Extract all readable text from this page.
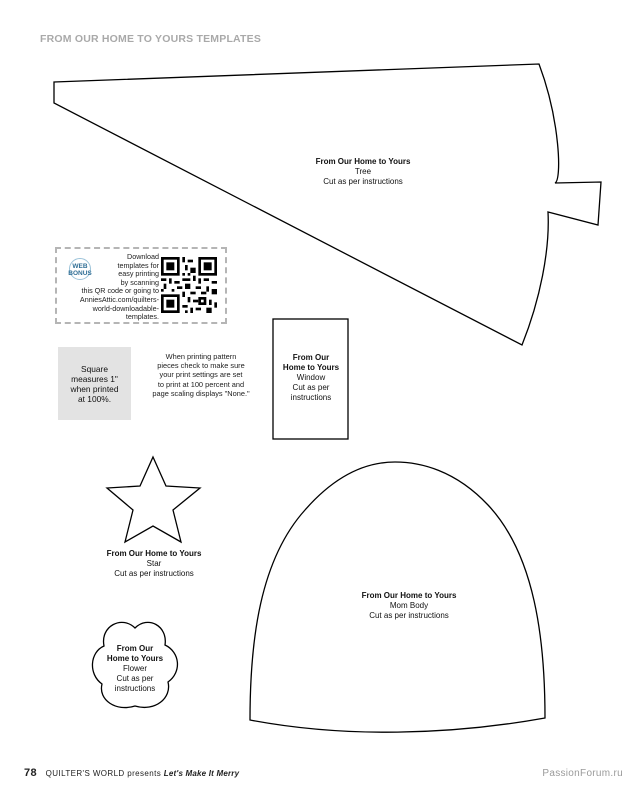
FROM OUR HOME TO YOURS TEMPLATES
From Our Home to Yours
Tree
Cut as per instructions
From Our
Home to Yours
Window
Cut as per
instructions
From Our Home to Yours
Star
Cut as per instructions
From Our Home to Yours
Mom Body
Cut as per instructions
From Our
Home to Yours
Flower
Cut as per
instructions
WEB
BONUS
Download
templates for
easy printing
by scanning
this QR code or going to
AnniesAttic.com/quilters-
world-downloadable-
templates.
Square
measures 1"
when printed
at 100%.
When printing pattern
pieces check to make sure
your print settings are set
to print at 100 percent and
page scaling displays "None."
78 QUILTER'S WORLD presents Let's Make It Merry	PassionForum.ru
